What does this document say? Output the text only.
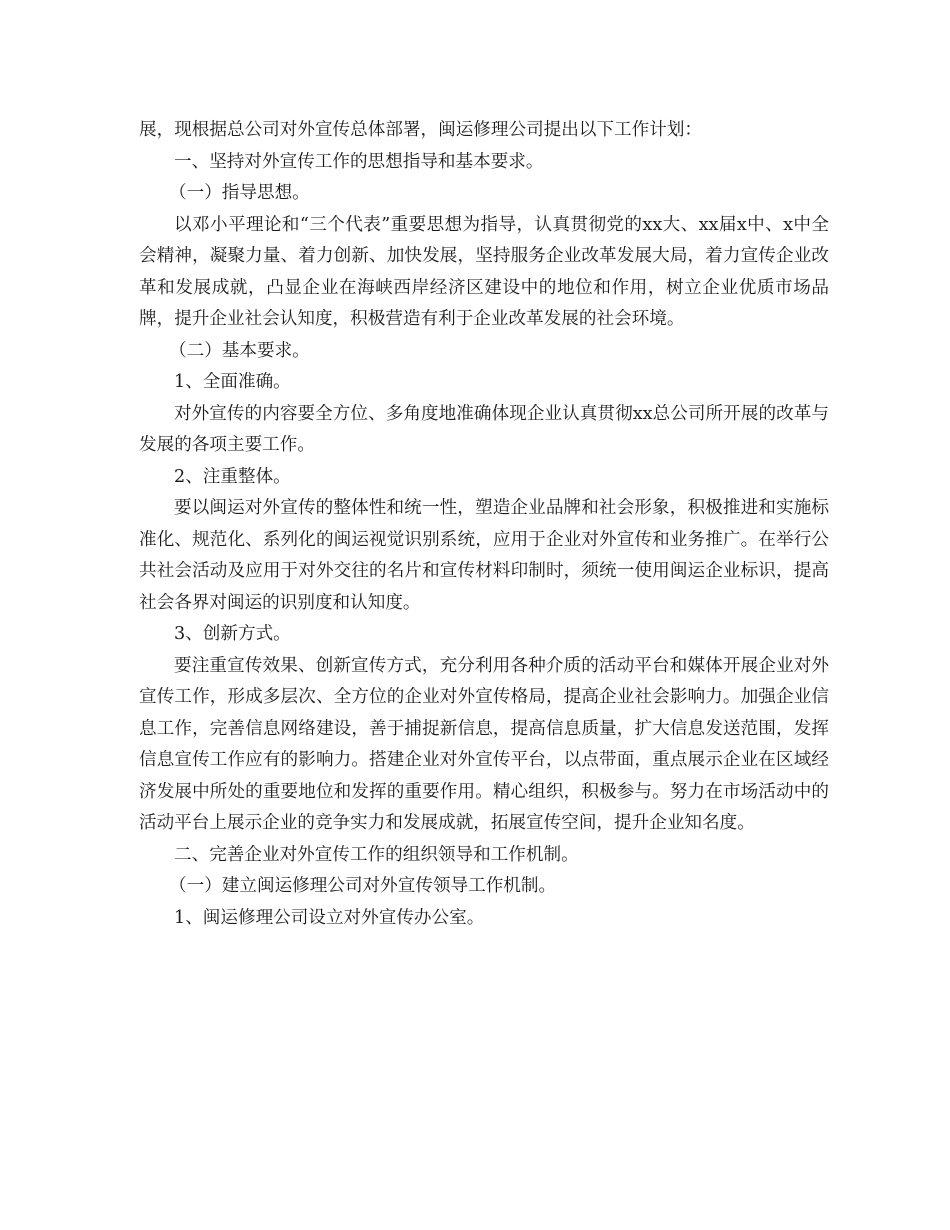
展，现根据总公司对外宣传总体部署，闽运修理公司提出以下工作计划：

一、坚持对外宣传工作的思想指导和基本要求。

（一）指导思想。

以邓小平理论和“三个代表”重要思想为指导，认真贯彻党的xx大、xx届x中、x中全会精神，凝聚力量、着力创新、加快发展，坚持服务企业改革发展大局，着力宣传企业改革和发展成就，凸显企业在海峡西岸经济区建设中的地位和作用，树立企业优质市场品牌，提升企业社会认知度，积极营造有利于企业改革发展的社会环境。

（二）基本要求。

1、全面准确。

对外宣传的内容要全方位、多角度地准确体现企业认真贯彻xx总公司所开展的改革与发展的各项主要工作。

2、注重整体。

要以闽运对外宣传的整体性和统一性，塑造企业品牌和社会形象，积极推进和实施标准化、规范化、系列化的闽运视觉识别系统，应用于企业对外宣传和业务推广。在举行公共社会活动及应用于对外交往的名片和宣传材料印制时，须统一使用闽运企业标识，提高社会各界对闽运的识别度和认知度。

3、创新方式。

要注重宣传效果、创新宣传方式，充分利用各种介质的活动平台和媒体开展企业对外宣传工作，形成多层次、全方位的企业对外宣传格局，提高企业社会影响力。加强企业信息工作，完善信息网络建设，善于捕捉新信息，提高信息质量，扩大信息发送范围，发挥信息宣传工作应有的影响力。搭建企业对外宣传平台，以点带面，重点展示企业在区域经济发展中所处的重要地位和发挥的重要作用。精心组织，积极参与。努力在市场活动中的活动平台上展示企业的竞争实力和发展成就，拓展宣传空间，提升企业知名度。

二、完善企业对外宣传工作的组织领导和工作机制。

（一）建立闽运修理公司对外宣传领导工作机制。

1、闽运修理公司设立对外宣传办公室。
